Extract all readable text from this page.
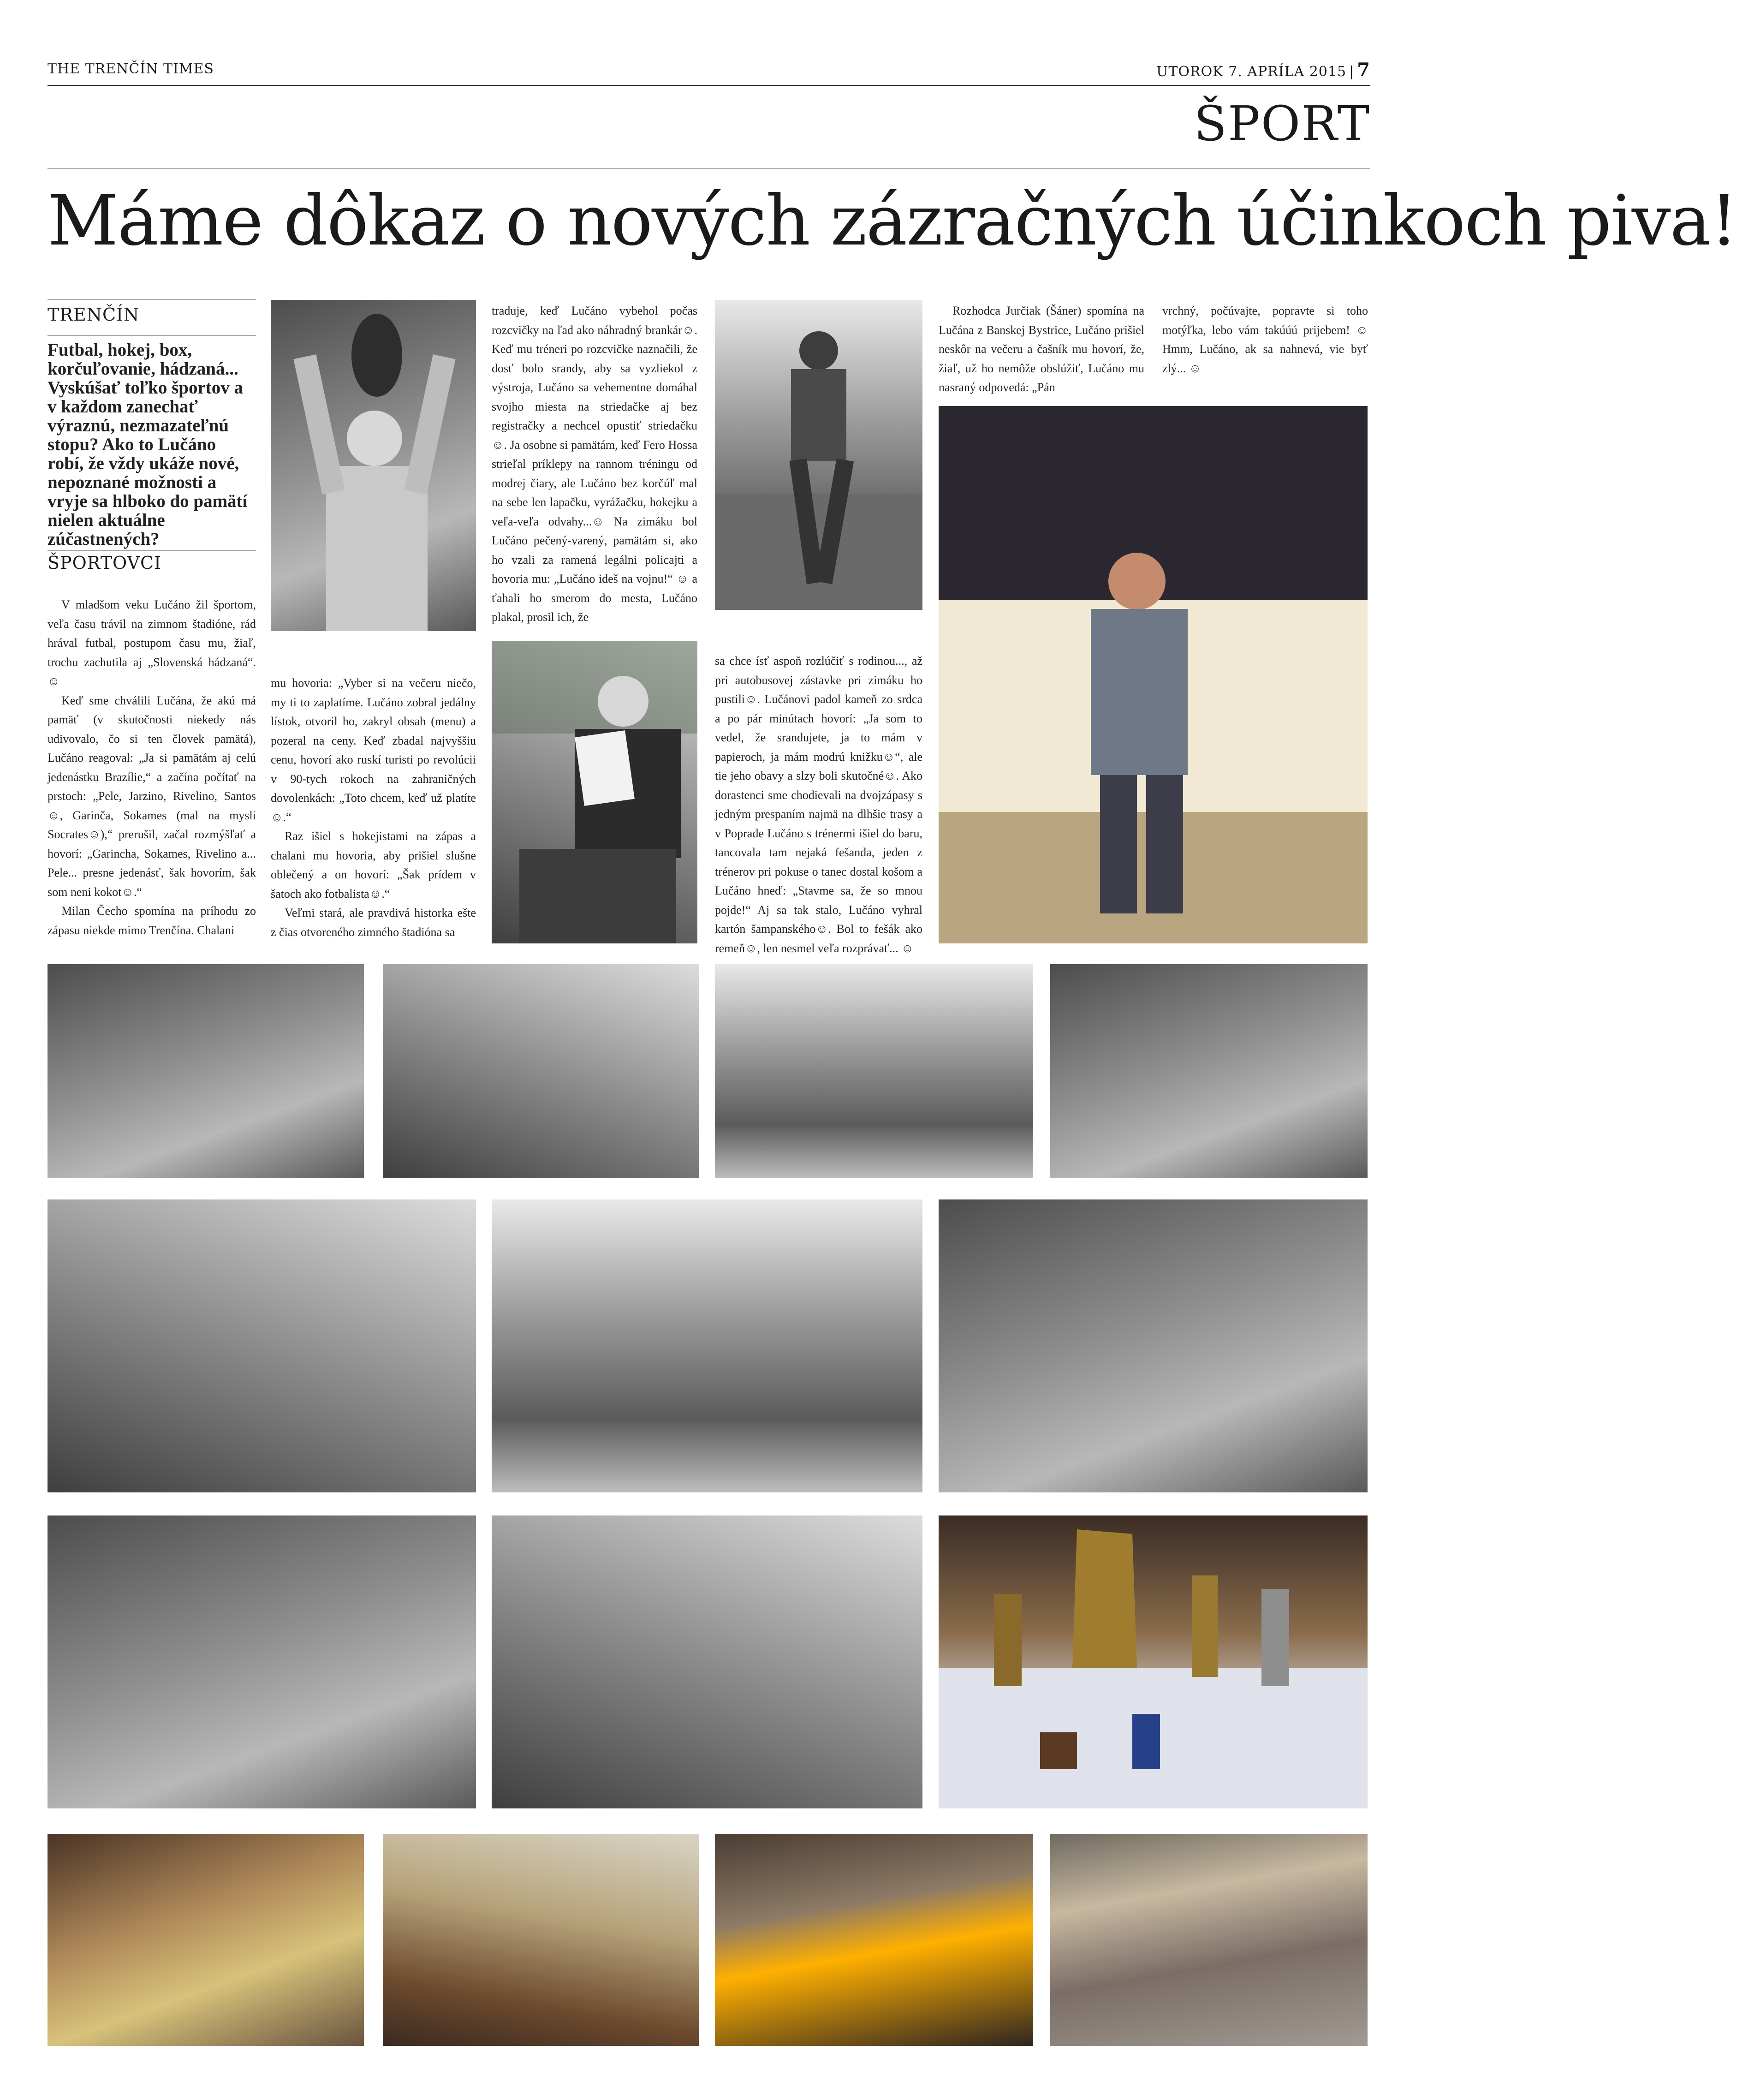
THE TRENČÍN TIMES	UTOROK 7. APRÍLA 2015 | 7
ŠPORT
Máme dôkaz o nových zázračných účinkoch piva!
TRENČÍN
Futbal, hokej, box, korčuľovanie, hádzaná... Vyskúšať toľko športov a v každom zanechať výraznú, nezmazateľnú stopu? Ako to Lučáno robí, že vždy ukáže nové, nepoznané možnosti a vryje sa hlboko do pamätí nielen aktuálne zúčastnených?
ŠPORTOVCI

V mladšom veku Lučáno žil športom, veľa času trávil na zimnom štadióne, rád hrával futbal, postupom času mu, žiaľ, trochu zachutila aj „Slovenská hádzaná“. ☺

Keď sme chválili Lučána, že akú má pamäť (v skutočnosti niekedy nás udivovalo, čo si ten človek pamätá), Lučáno reagoval: „Ja si pamätám aj celú jedenástku Brazílie,“ a začína počítať na prstoch: „Pele, Jarzino, Rivelino, Santos☺, Garinča, Sokames (mal na mysli Socrates☺),“ prerušil, začal rozmýšľať a hovorí: „Garincha, Sokames, Rivelino a... Pele... presne jedenásť, šak hovorím, šak som neni kokot☺.“

Milan Čecho spomína na príhodu zo zápasu niekde mimo Trenčína. Chalani

mu hovoria: „Vyber si na večeru niečo, my ti to zaplatíme. Lučáno zobral jedálny lístok, otvoril ho, zakryl obsah (menu) a pozeral na ceny. Keď zbadal najvyššiu cenu, hovorí ako ruskí turisti po revolúcii v 90-tych rokoch na zahraničných dovolenkách: „Toto chcem, keď už platíte☺.“

Raz išiel s hokejistami na zápas a chalani mu hovoria, aby prišiel slušne oblečený a on hovorí: „Šak prídem v šatoch ako fotbalista☺.“

Veľmi stará, ale pravdivá historka ešte z čias otvoreného zimného štadióna sa

traduje, keď Lučáno vybehol počas rozcvičky na ľad ako náhradný brankár☺. Keď mu tréneri po rozcvičke naznačili, že dosť bolo srandy, aby sa vyzliekol z výstroja, Lučáno sa vehementne domáhal svojho miesta na striedačke aj bez registračky a nechcel opustiť striedačku☺. Ja osobne si pamätám, keď Fero Hossa strieľal príklepy na rannom tréningu od modrej čiary, ale Lučáno bez korčúľ mal na sebe len lapačku, vyrážačku, hokejku a veľa-veľa odvahy...☺ Na zimáku bol Lučáno pečený-varený, pamätám si, ako ho vzali za ramená legálni policajti a hovoria mu: „Lučáno ideš na vojnu!“ ☺ a ťahali ho smerom do mesta, Lučáno plakal, prosil ich, že

sa chce ísť aspoň rozlúčiť s rodinou..., až pri autobusovej zástavke pri zimáku ho pustili☺. Lučánovi padol kameň zo srdca a po pár minútach hovorí: „Ja som to vedel, že srandujete, ja to mám v papieroch, ja mám modrú knižku☺“, ale tie jeho obavy a slzy boli skutočné☺. Ako dorastenci sme chodievali na dvojzápasy s jedným prespaním najmä na dlhšie trasy a v Poprade Lučáno s trénermi išiel do baru, tancovala tam nejaká fešanda, jeden z trénerov pri pokuse o tanec dostal košom a Lučáno hneď: „Stavme sa, že so mnou pojde!“ Aj sa tak stalo, Lučáno vyhral kartón šampanského☺. Bol to fešák ako remeň☺, len nesmel veľa rozprávať... ☺

Rozhodca Jurčiak (Šáner) spomína na Lučána z Banskej Bystrice, Lučáno prišiel neskôr na večeru a čašník mu hovorí, že, žiaľ, už ho nemôže obslúžiť, Lučáno mu nasraný odpovedá: „Pán

vrchný, počúvajte, popravte si toho motýľka, lebo vám takúúú prijebem! ☺ Hmm, Lučáno, ak sa nahnevá, vie byť zlý... ☺
